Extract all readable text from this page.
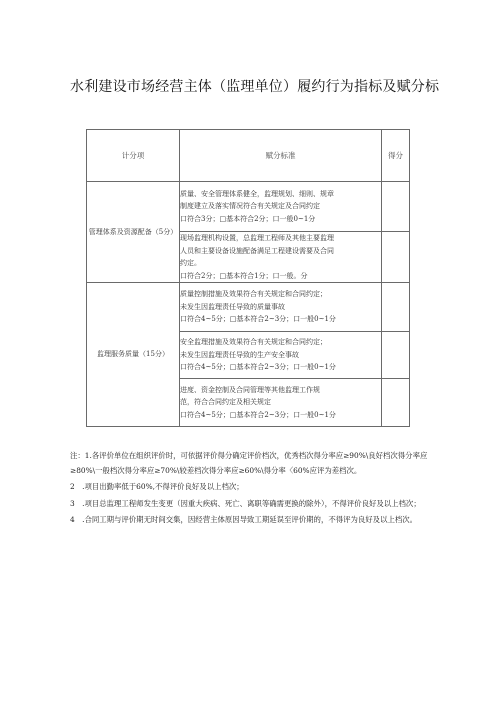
水利建设市场经营主体（监理单位）履约行为指标及赋分标
计分项	赋分标准	得分
管理体系及资源配备（5分）	质量、安全管理体系健全，监理规划、细则、规章
制度建立及落实情况符合有关规定及合同约定
口符合3分；□基本符合2分；口一般0~1分	

	现场监理机构设置，总监理工程师及其他主要监理
人员和主要设备设施配备满足工程建设需要及合同
约定。
口符合2分；□基本符合1分；口一般。分	

监理服务质量（15分）	质量控制措施及效果符合有关规定和合同约定；
未发生因监理责任导致的质量事故
口符合4~5分；□基本符合2~3分；口一般0~1分	

	安全监理措施及效果符合有关规定和合同约定；
未发生因监理责任导致的生产安全事故
口符合4~5分；□基本符合2~3分；口一般0~1分	

	进度、资金控制及合同管理等其他监理工作规
范，符合合同约定及相关规定
口符合4~5分；□基本符合2~3分；口一般0~1分	

注：1.各评价单位在组织评价时，可依据评价得分确定评价档次，优秀档次得分率应≥90%\良好档次得分率应≥80%\一般档次得分率应≥70%\较差档次得分率应≥60%\得分率〈60%应评为差档次。

2　.项目出勤率低于60%,不得评价良好及以上档次；

3　.项目总监理工程师发生变更（因重大疾病、死亡、离职等确需更换的除外），不得评价良好及以上档次；

4　.合同工期与评价期无时间交集，因经营主体原因导致工期延误至评价期的，不得评为良好及以上档次。
